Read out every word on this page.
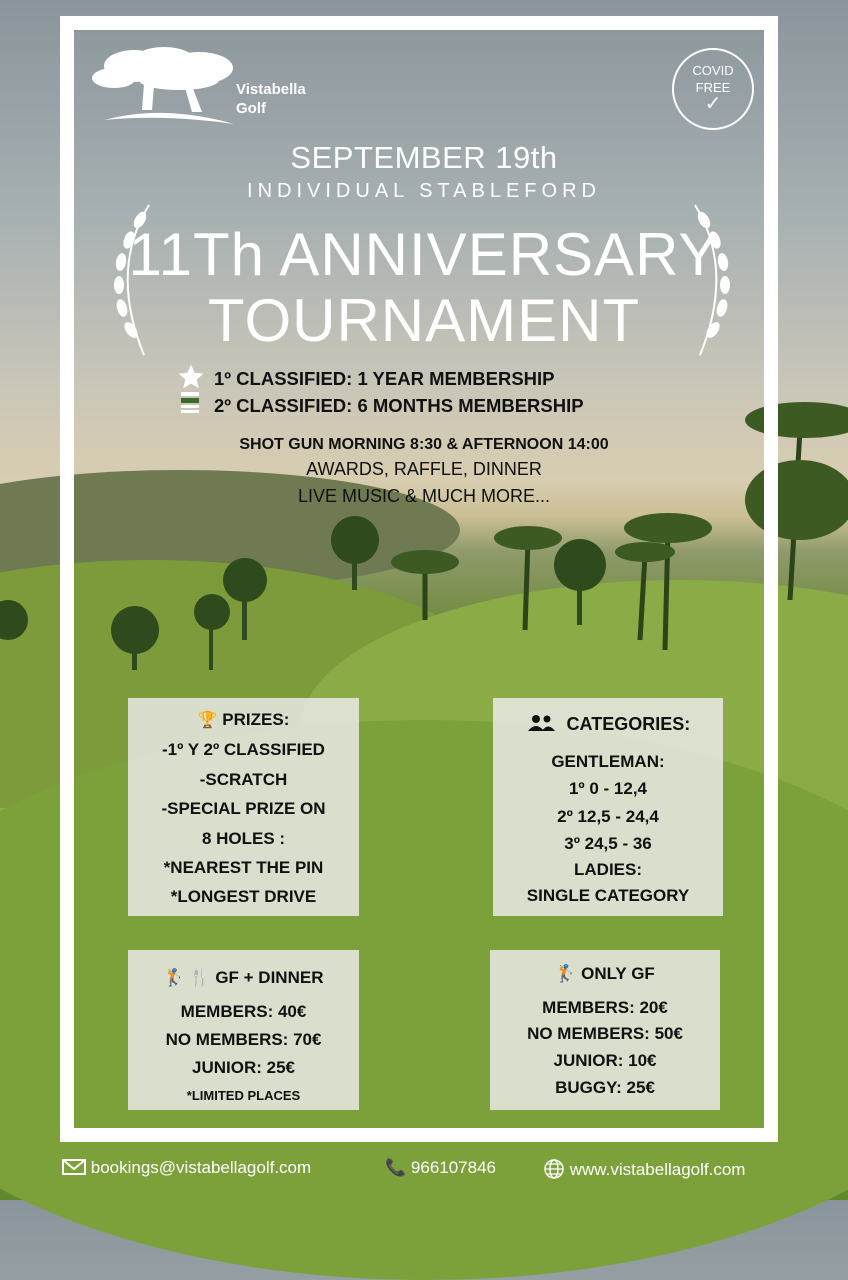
Vistabella
Golf
COVID
FREE
✓
SEPTEMBER 19th
INDIVIDUAL STABLEFORD
11Th ANNIVERSARY
TOURNAMENT
1º CLASSIFIED: 1 YEAR MEMBERSHIP
2º CLASSIFIED: 6 MONTHS MEMBERSHIP
SHOT GUN MORNING 8:30 & AFTERNOON 14:00
AWARDS, RAFFLE, DINNER
LIVE MUSIC & MUCH MORE...
🏆 PRIZES:
-1º Y 2º CLASSIFIED
-SCRATCH
-SPECIAL PRIZE ON
8 HOLES :
*NEAREST THE PIN
*LONGEST DRIVE
CATEGORIES:
GENTLEMAN:
1º 0 - 12,4
2º 12,5 - 24,4
3º 24,5 - 36
LADIES:
SINGLE CATEGORY
🏌 🍴 GF + DINNER
MEMBERS: 40€
NO MEMBERS: 70€
JUNIOR: 25€
*LIMITED PLACES
🏌 ONLY GF
MEMBERS: 20€
NO MEMBERS: 50€
JUNIOR: 10€
BUGGY: 25€
bookings@vistabellagolf.com	📞 966107846	www.vistabellagolf.com
